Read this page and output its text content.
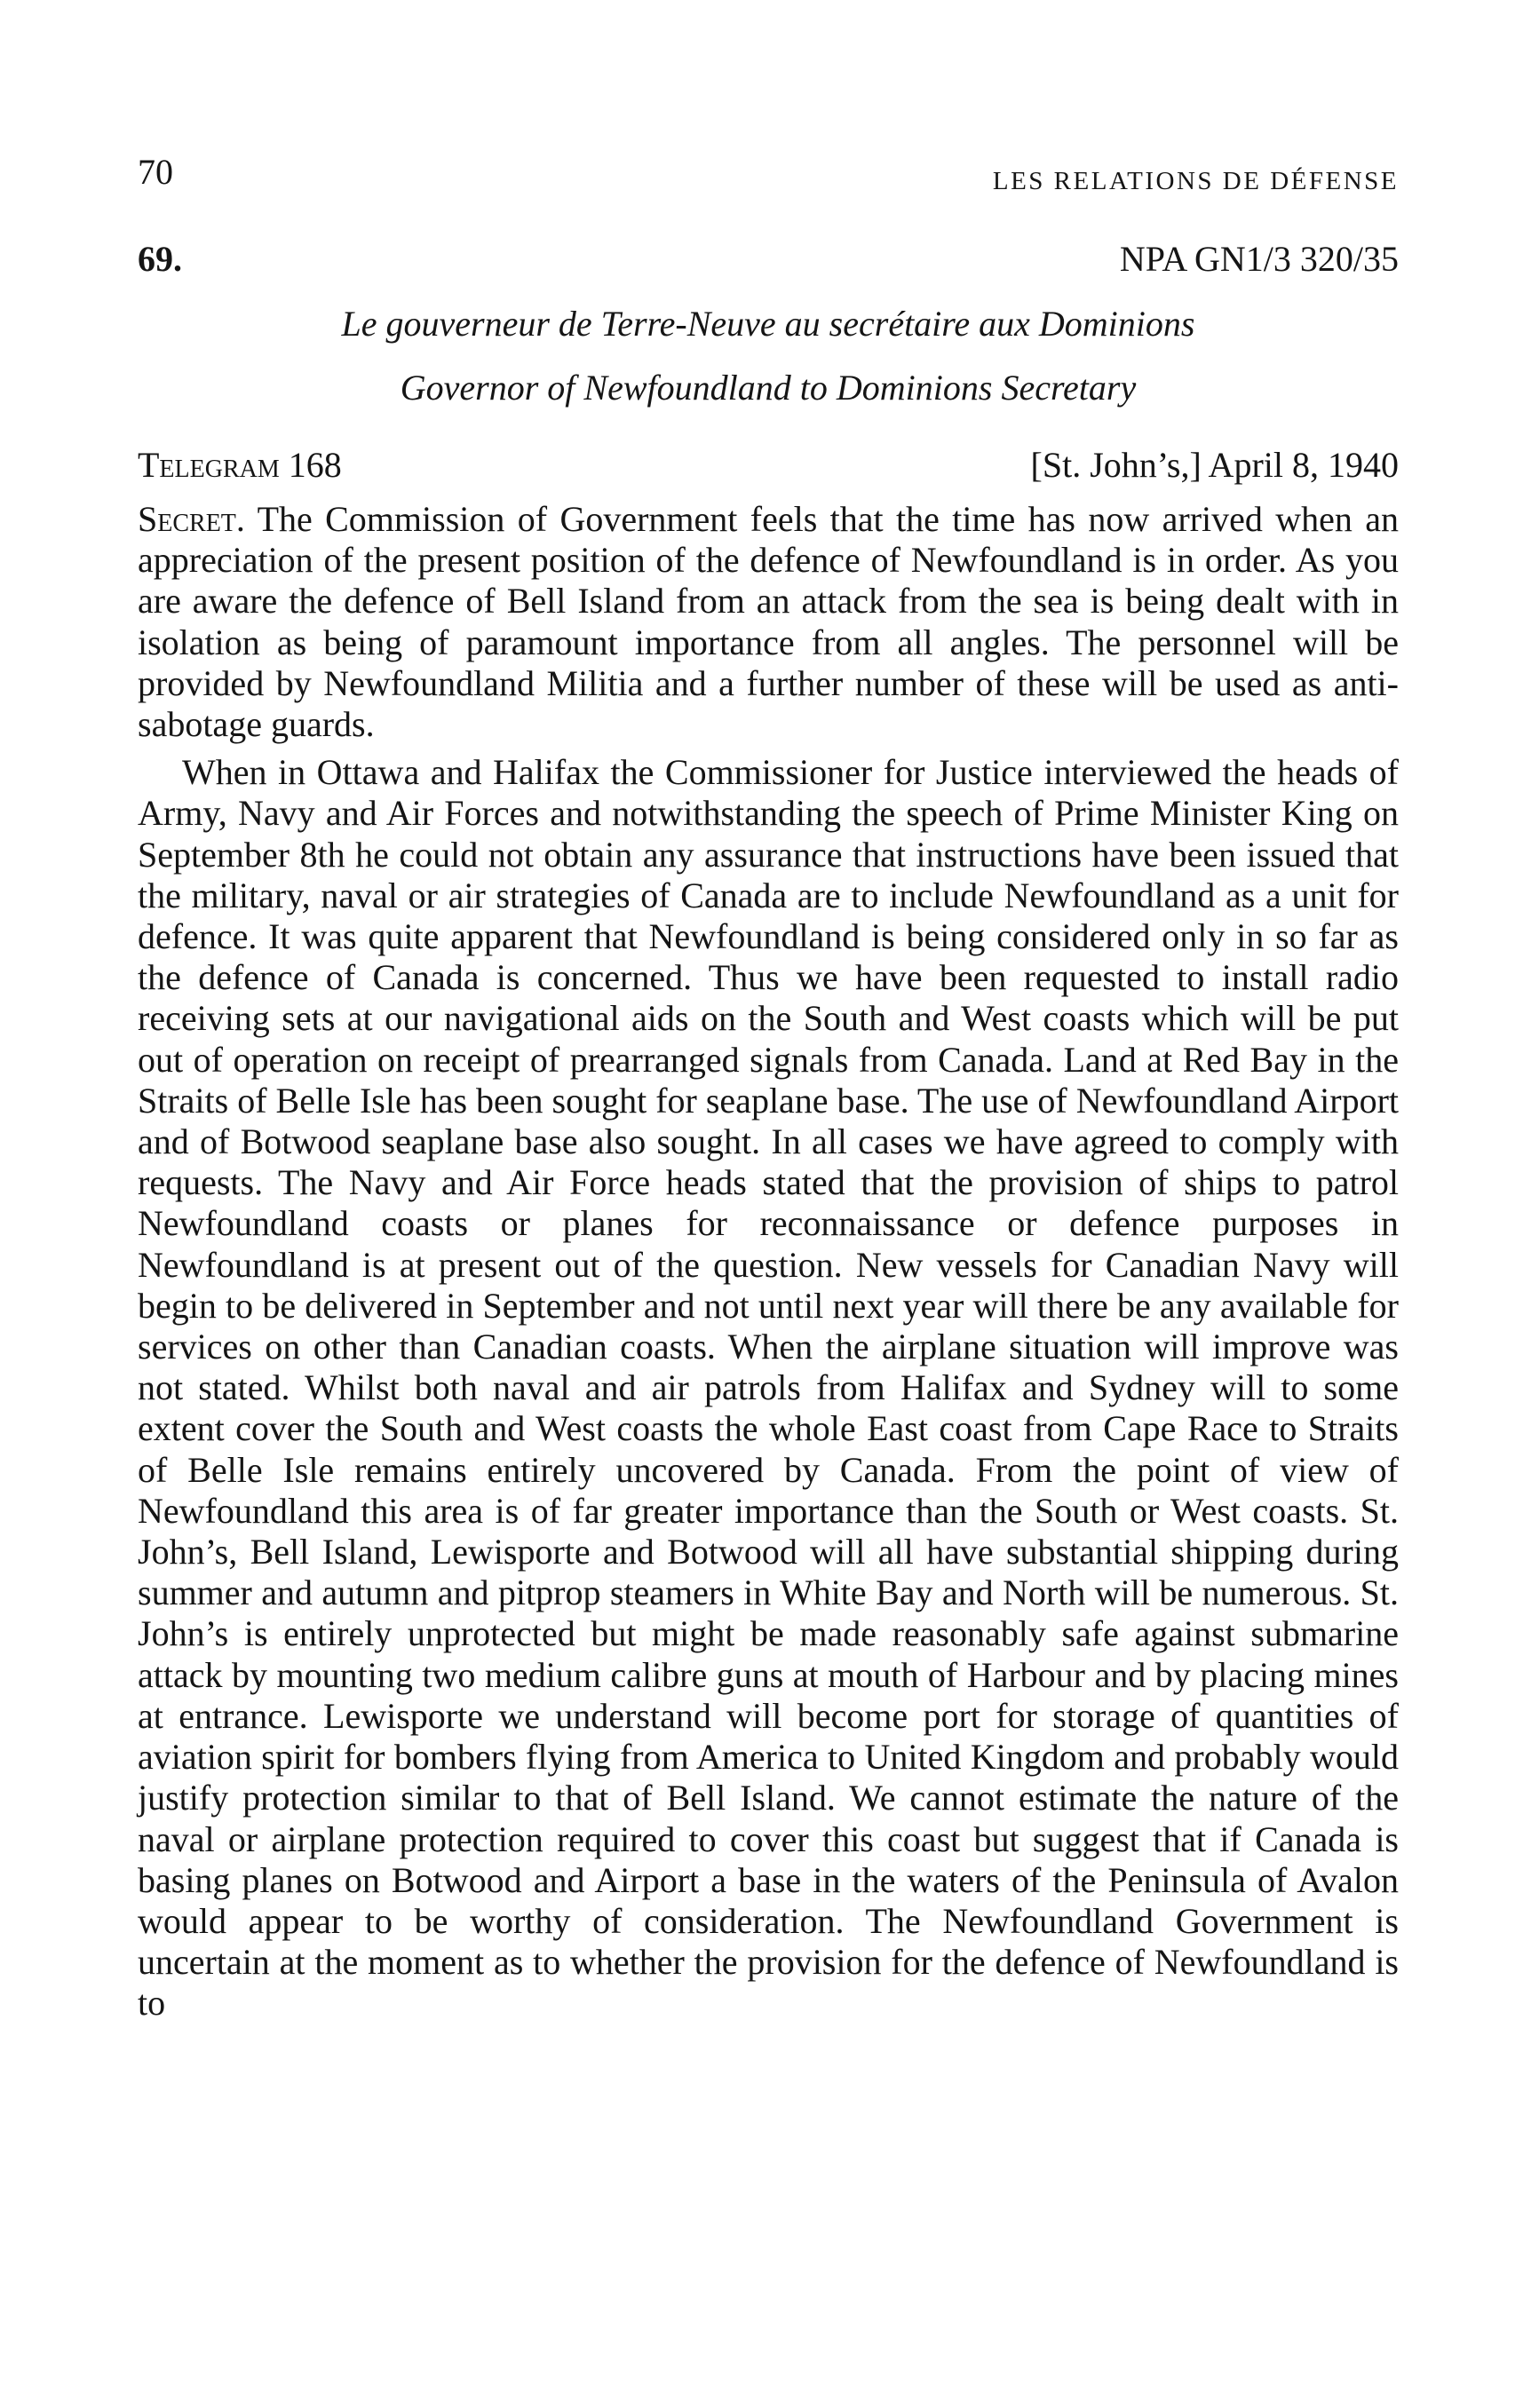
70	LES RELATIONS DE DÉFENSE
69.	NPA GN1/3 320/35
Le gouverneur de Terre-Neuve au secrétaire aux Dominions
Governor of Newfoundland to Dominions Secretary
Telegram 168	[St. John’s,] April 8, 1940

Secret. The Commission of Government feels that the time has now arrived when an appreciation of the present position of the defence of Newfoundland is in order. As you are aware the defence of Bell Island from an attack from the sea is being dealt with in isolation as being of paramount importance from all angles. The personnel will be provided by Newfoundland Militia and a further number of these will be used as anti-sabotage guards.

When in Ottawa and Halifax the Commissioner for Justice interviewed the heads of Army, Navy and Air Forces and notwithstanding the speech of Prime Minister King on September 8th he could not obtain any assurance that instructions have been issued that the military, naval or air strategies of Canada are to include Newfoundland as a unit for defence. It was quite apparent that Newfoundland is being considered only in so far as the defence of Canada is concerned. Thus we have been requested to install radio receiving sets at our navigational aids on the South and West coasts which will be put out of operation on receipt of prearranged signals from Canada. Land at Red Bay in the Straits of Belle Isle has been sought for seaplane base. The use of Newfoundland Airport and of Botwood seaplane base also sought. In all cases we have agreed to comply with requests. The Navy and Air Force heads stated that the provision of ships to patrol Newfoundland coasts or planes for reconnaissance or defence purposes in Newfoundland is at present out of the question. New vessels for Canadian Navy will begin to be delivered in September and not until next year will there be any available for services on other than Canadian coasts. When the airplane situation will improve was not stated. Whilst both naval and air patrols from Halifax and Sydney will to some extent cover the South and West coasts the whole East coast from Cape Race to Straits of Belle Isle remains entirely uncovered by Canada. From the point of view of Newfoundland this area is of far greater importance than the South or West coasts. St. John’s, Bell Island, Lewisporte and Botwood will all have substantial shipping during summer and autumn and pitprop steamers in White Bay and North will be numerous. St. John’s is entirely unprotected but might be made reasonably safe against submarine attack by mounting two medium calibre guns at mouth of Harbour and by placing mines at entrance. Lewisporte we understand will become port for storage of quantities of aviation spirit for bombers flying from America to United Kingdom and probably would justify protection similar to that of Bell Island. We cannot estimate the nature of the naval or airplane protection required to cover this coast but suggest that if Canada is basing planes on Botwood and Airport a base in the waters of the Peninsula of Avalon would appear to be worthy of consideration. The Newfoundland Government is uncertain at the moment as to whether the provision for the defence of Newfoundland is to
